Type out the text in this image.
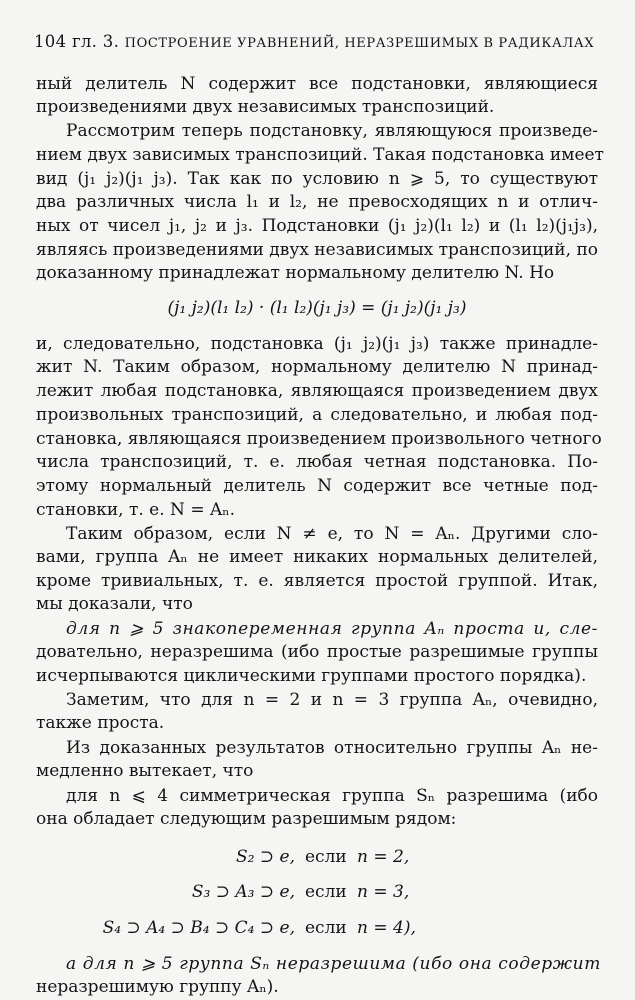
104 гл. 3. ПОСТРОЕНИЕ УРАВНЕНИЙ, НЕРАЗРЕШИМЫХ В РАДИКАЛАХ
ный делитель N содержит все подстановки, являющиеся
произведениями двух независимых транспозиций.
Рассмотрим теперь подстановку, являющуюся произведе-
нием двух зависимых транспозиций. Такая подстановка имеет
вид (j₁ j₂)(j₁ j₃). Так как по условию n ⩾ 5, то существуют
два различных числа l₁ и l₂, не превосходящих n и отлич-
ных от чисел j₁, j₂ и j₃. Подстановки (j₁ j₂)(l₁ l₂) и (l₁ l₂)(j₁j₃),
являясь произведениями двух независимых транспозиций, по
доказанному принадлежат нормальному делителю N. Но
(j₁ j₂)(l₁ l₂) · (l₁ l₂)(j₁ j₃) = (j₁ j₂)(j₁ j₃)
и, следовательно, подстановка (j₁ j₂)(j₁ j₃) также принадле-
жит N. Таким образом, нормальному делителю N принад-
лежит любая подстановка, являющаяся произведением двух
произвольных транспозиций, а следовательно, и любая под-
становка, являющаяся произведением произвольного четного
числа транспозиций, т. е. любая четная подстановка. По-
этому нормальный делитель N содержит все четные под-
становки, т. е. N = Aₙ.
Таким образом, если N ≠ e, то N = Aₙ. Другими сло-
вами, группа Aₙ не имеет никаких нормальных делителей,
кроме тривиальных, т. е. является простой группой. Итак,
мы доказали, что
для n ⩾ 5 знакопеременная группа Aₙ проста и, сле-
довательно, неразрешима (ибо простые разрешимые группы
исчерпываются циклическими группами простого порядка).
Заметим, что для n = 2 и n = 3 группа Aₙ, очевидно,
также проста.
Из доказанных результатов относительно группы Aₙ не-
медленно вытекает, что
для n ⩽ 4 симметрическая группа Sₙ разрешима (ибо
она обладает следующим разрешимым рядом:
S₂ ⊃ e, если n = 2,
S₃ ⊃ A₃ ⊃ e, если n = 3,
S₄ ⊃ A₄ ⊃ B₄ ⊃ C₄ ⊃ e, если n = 4),
а для n ⩾ 5 группа Sₙ неразрешима (ибо она содержит
неразрешимую группу Aₙ).
